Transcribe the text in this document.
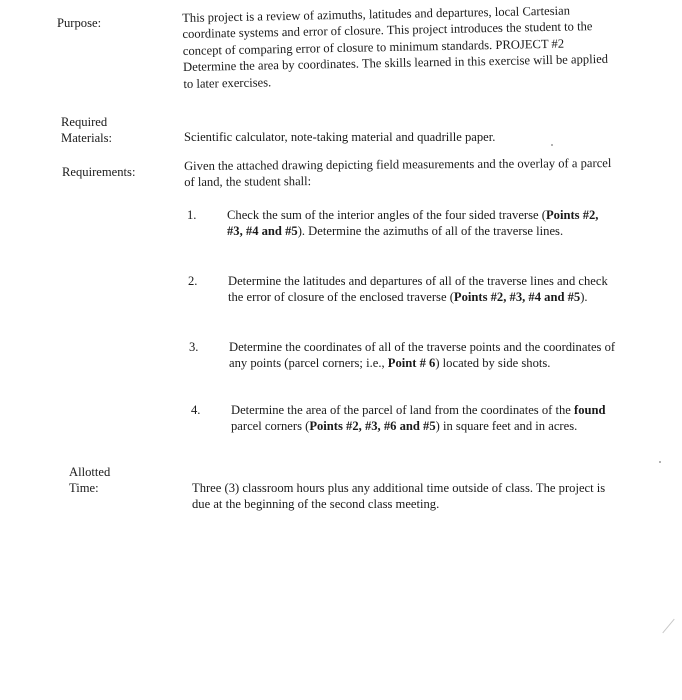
Purpose:	This project is a review of azimuths, latitudes and departures, local Cartesian coordinate systems and error of closure. This project introduces the student to the concept of comparing error of closure to minimum standards. PROJECT #2 Determine the area by coordinates. The skills learned in this exercise will be applied to later exercises.

Required
Materials:	Scientific calculator, note-taking material and quadrille paper.
Requirements:	Given the attached drawing depicting field measurements and the overlay of a parcel of land, the student shall:
1. Check the sum of the interior angles of the four sided traverse (Points #2, #3, #4 and #5). Determine the azimuths of all of the traverse lines.
2. Determine the latitudes and departures of all of the traverse lines and check the error of closure of the enclosed traverse (Points #2, #3, #4 and #5).
3. Determine the coordinates of all of the traverse points and the coordinates of any points (parcel corners; i.e., Point # 6) located by side shots.
4. Determine the area of the parcel of land from the coordinates of the found parcel corners (Points #2, #3, #6 and #5) in square feet and in acres.
Allotted
Time:	Three (3) classroom hours plus any additional time outside of class. The project is due at the beginning of the second class meeting.
